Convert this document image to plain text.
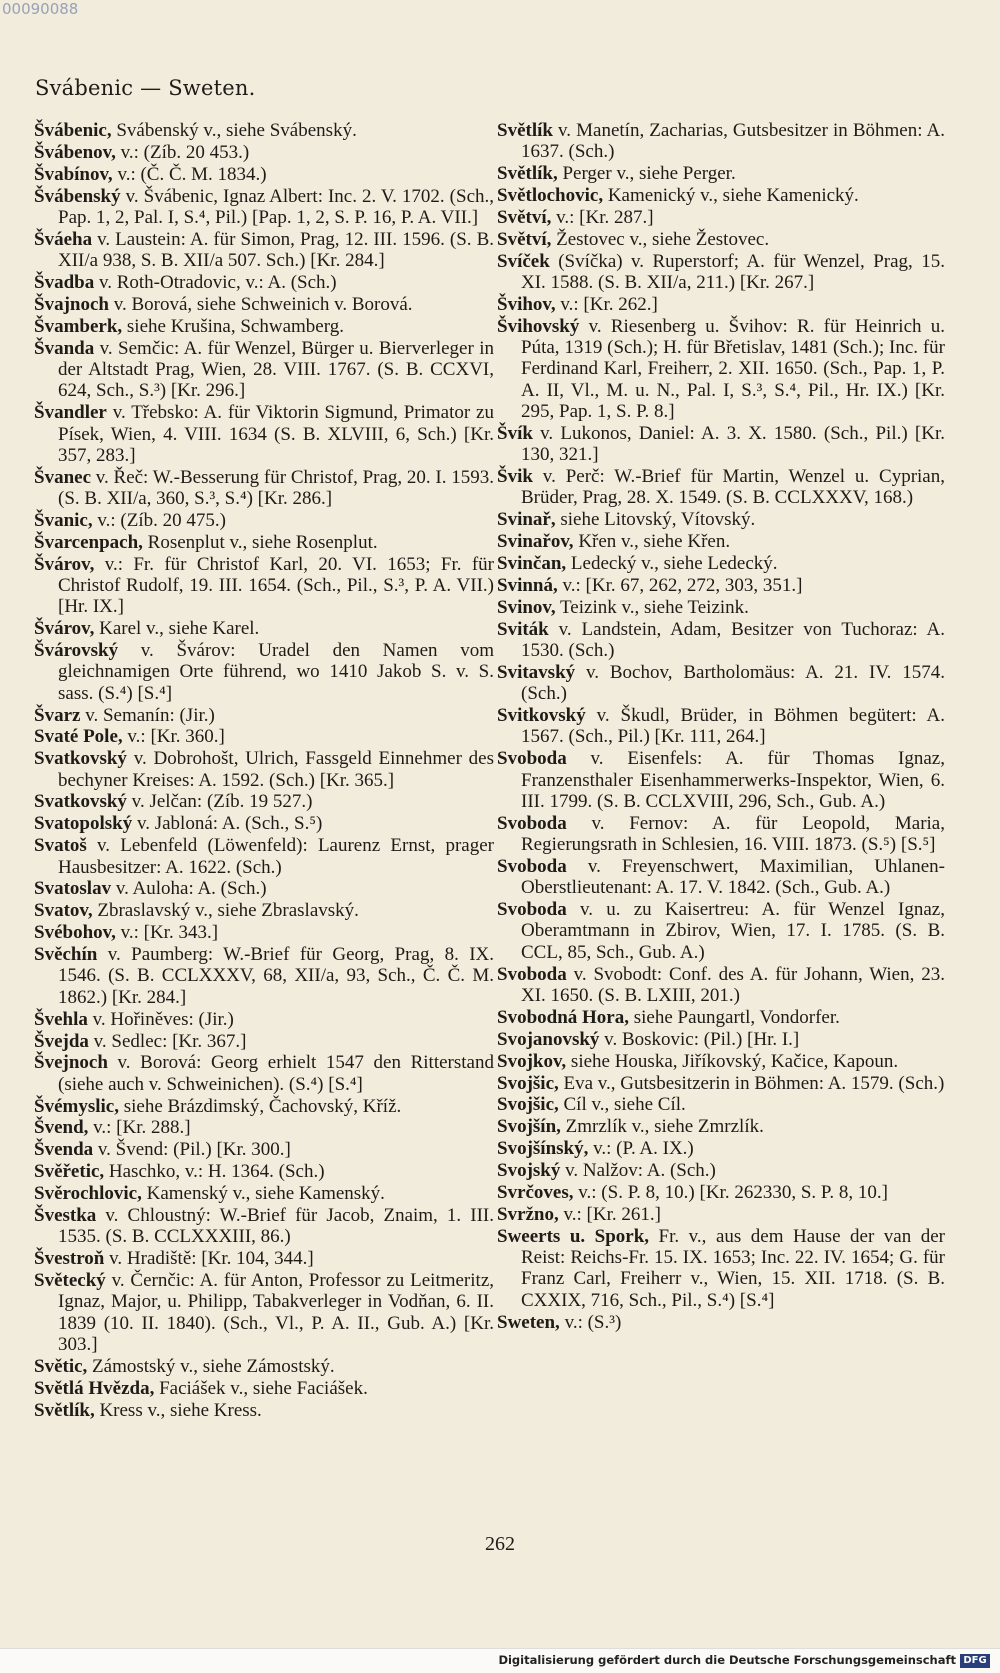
00090088
Svábenic — Sweten.

Švábenic, Svábenský v., siehe Svábenský.

Švábenov, v.: (Zíb. 20 453.)

Švabínov, v.: (Č. Č. M. 1834.)

Švábenský v. Švábenic, Ignaz Albert: Inc. 2. V. 1702. (Sch., Pap. 1, 2, Pal. I, S.⁴, Pil.) [Pap. 1, 2, S. P. 16, P. A. VII.]

Šváeha v. Laustein: A. für Simon, Prag, 12. III. 1596. (S. B. XII/a 938, S. B. XII/a 507. Sch.) [Kr. 284.]

Švadba v. Roth-Otradovic, v.: A. (Sch.)

Švajnoch v. Borová, siehe Schweinich v. Borová.

Švamberk, siehe Krušina, Schwamberg.

Švanda v. Semčic: A. für Wenzel, Bürger u. Bierverleger in der Altstadt Prag, Wien, 28. VIII. 1767. (S. B. CCXVI, 624, Sch., S.³) [Kr. 296.]

Švandler v. Třebsko: A. für Viktorin Sigmund, Primator zu Písek, Wien, 4. VIII. 1634 (S. B. XLVIII, 6, Sch.) [Kr. 357, 283.]

Švanec v. Řeč: W.-Besserung für Christof, Prag, 20. I. 1593. (S. B. XII/a, 360, S.³, S.⁴) [Kr. 286.]

Švanic, v.: (Zíb. 20 475.)

Švarcenpach, Rosenplut v., siehe Rosenplut.

Švárov, v.: Fr. für Christof Karl, 20. VI. 1653; Fr. für Christof Rudolf, 19. III. 1654. (Sch., Pil., S.³, P. A. VII.) [Hr. IX.]

Švárov, Karel v., siehe Karel.

Švárovský v. Švárov: Uradel den Namen vom gleichnamigen Orte führend, wo 1410 Jakob S. v. S. sass. (S.⁴) [S.⁴]

Švarz v. Semanín: (Jir.)

Svaté Pole, v.: [Kr. 360.]

Svatkovský v. Dobrohošt, Ulrich, Fassgeld Einnehmer des bechyner Kreises: A. 1592. (Sch.) [Kr. 365.]

Svatkovský v. Jelčan: (Zíb. 19 527.)

Svatopolský v. Jabloná: A. (Sch., S.⁵)

Svatoš v. Lebenfeld (Löwenfeld): Laurenz Ernst, prager Hausbesitzer: A. 1622. (Sch.)

Svatoslav v. Auloha: A. (Sch.)

Svatov, Zbraslavský v., siehe Zbraslavský.

Svébohov, v.: [Kr. 343.]

Svěchín v. Paumberg: W.-Brief für Georg, Prag, 8. IX. 1546. (S. B. CCLXXXV, 68, XII/a, 93, Sch., Č. Č. M. 1862.) [Kr. 284.]

Švehla v. Hořiněves: (Jir.)

Švejda v. Sedlec: [Kr. 367.]

Švejnoch v. Borová: Georg erhielt 1547 den Ritterstand (siehe auch v. Schweinichen). (S.⁴) [S.⁴]

Švémyslic, siehe Brázdimský, Čachovský, Kříž.

Švend, v.: [Kr. 288.]

Švenda v. Švend: (Pil.) [Kr. 300.]

Svěřetic, Haschko, v.: H. 1364. (Sch.)

Svěrochlovic, Kamenský v., siehe Kamenský.

Švestka v. Chloustný: W.-Brief für Jacob, Znaim, 1. III. 1535. (S. B. CCLXXXIII, 86.)

Švestroň v. Hradiště: [Kr. 104, 344.]

Světecký v. Černčic: A. für Anton, Professor zu Leitmeritz, Ignaz, Major, u. Philipp, Tabakverleger in Vodňan, 6. II. 1839 (10. II. 1840). (Sch., Vl., P. A. II., Gub. A.) [Kr. 303.]

Světic, Zámostský v., siehe Zámostský.

Světlá Hvězda, Faciášek v., siehe Faciášek.

Světlík, Kress v., siehe Kress.

Světlík v. Manetín, Zacharias, Gutsbesitzer in Böhmen: A. 1637. (Sch.)

Světlík, Perger v., siehe Perger.

Světlochovic, Kamenický v., siehe Kamenický.

Světví, v.: [Kr. 287.]

Světví, Žestovec v., siehe Žestovec.

Svíček (Svíčka) v. Ruperstorf; A. für Wenzel, Prag, 15. XI. 1588. (S. B. XII/a, 211.) [Kr. 267.]

Švihov, v.: [Kr. 262.]

Švihovský v. Riesenberg u. Švihov: R. für Heinrich u. Púta, 1319 (Sch.); H. für Břetislav, 1481 (Sch.); Inc. für Ferdinand Karl, Freiherr, 2. XII. 1650. (Sch., Pap. 1, P. A. II, Vl., M. u. N., Pal. I, S.³, S.⁴, Pil., Hr. IX.) [Kr. 295, Pap. 1, S. P. 8.]

Švík v. Lukonos, Daniel: A. 3. X. 1580. (Sch., Pil.) [Kr. 130, 321.]

Švik v. Perč: W.-Brief für Martin, Wenzel u. Cyprian, Brüder, Prag, 28. X. 1549. (S. B. CCLXXXV, 168.)

Svinař, siehe Litovský, Vítovský.

Svinařov, Křen v., siehe Křen.

Svinčan, Ledecký v., siehe Ledecký.

Svinná, v.: [Kr. 67, 262, 272, 303, 351.]

Svinov, Teizink v., siehe Teizink.

Sviták v. Landstein, Adam, Besitzer von Tuchoraz: A. 1530. (Sch.)

Svitavský v. Bochov, Bartholomäus: A. 21. IV. 1574. (Sch.)

Svitkovský v. Škudl, Brüder, in Böhmen begütert: A. 1567. (Sch., Pil.) [Kr. 111, 264.]

Svoboda v. Eisenfels: A. für Thomas Ignaz, Franzensthaler Eisenhammerwerks-Inspektor, Wien, 6. III. 1799. (S. B. CCLXVIII, 296, Sch., Gub. A.)

Svoboda v. Fernov: A. für Leopold, Maria, Regierungsrath in Schlesien, 16. VIII. 1873. (S.⁵) [S.⁵]

Svoboda v. Freyenschwert, Maximilian, Uhlanen-Oberstlieutenant: A. 17. V. 1842. (Sch., Gub. A.)

Svoboda v. u. zu Kaisertreu: A. für Wenzel Ignaz, Oberamtmann in Zbirov, Wien, 17. I. 1785. (S. B. CCL, 85, Sch., Gub. A.)

Svoboda v. Svobodt: Conf. des A. für Johann, Wien, 23. XI. 1650. (S. B. LXIII, 201.)

Svobodná Hora, siehe Paungartl, Vondorfer.

Svojanovský v. Boskovic: (Pil.) [Hr. I.]

Svojkov, siehe Houska, Jiříkovský, Kačice, Kapoun.

Svojšic, Eva v., Gutsbesitzerin in Böhmen: A. 1579. (Sch.)

Svojšic, Cíl v., siehe Cíl.

Svojšín, Zmrzlík v., siehe Zmrzlík.

Svojšínský, v.: (P. A. IX.)

Svojský v. Nalžov: A. (Sch.)

Svrčoves, v.: (S. P. 8, 10.) [Kr. 262330, S. P. 8, 10.]

Svržno, v.: [Kr. 261.]

Sweerts u. Spork, Fr. v., aus dem Hause der van der Reist: Reichs-Fr. 15. IX. 1653; Inc. 22. IV. 1654; G. für Franz Carl, Freiherr v., Wien, 15. XII. 1718. (S. B. CXXIX, 716, Sch., Pil., S.⁴) [S.⁴]

Sweten, v.: (S.³)

262
Digitalisierung gefördert durch die Deutsche Forschungsgemeinschaft DFG
